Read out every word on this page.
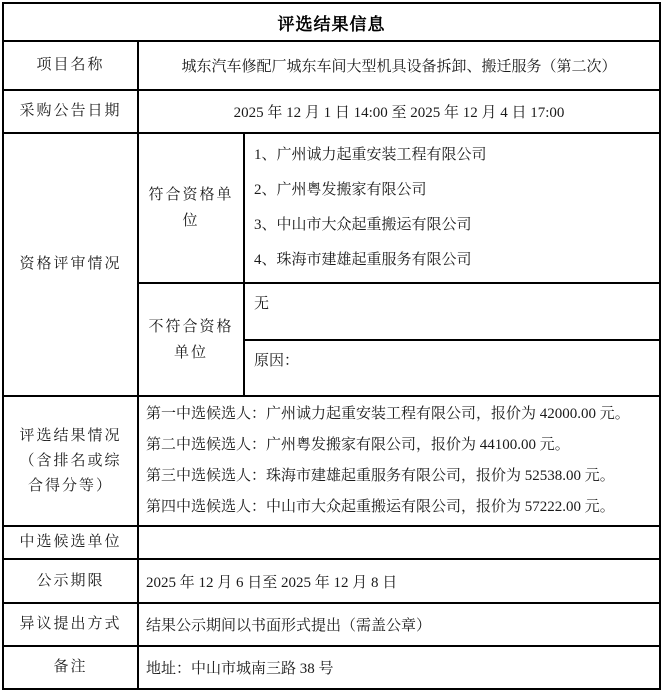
评选结果信息		
项目名称	城东汽车修配厂城东车间大型机具设备拆卸、搬迁服务（第二次）	
采购公告日期	2025 年 12 月 1 日 14:00 至 2025 年 12 月 4 日 17:00	
资格评审情况	符合资格单位	1、广州诚力起重安装工程有限公司
2、广州粤发搬家有限公司
3、中山市大众起重搬运有限公司
4、珠海市建雄起重服务有限公司

	不符合资格单位	无
		原因：
评选结果情况（含排名或综合得分等）	第一中选候选人：广州诚力起重安装工程有限公司，报价为 42000.00 元。
第二中选候选人：广州粤发搬家有限公司，报价为 44100.00 元。
第三中选候选人：珠海市建雄起重服务有限公司，报价为 52538.00 元。
第四中选候选人：中山市大众起重搬运有限公司，报价为 57222.00 元。	

中选候选单位		
公示期限	2025 年 12 月 6 日至 2025 年 12 月 8 日	
异议提出方式	结果公示期间以书面形式提出（需盖公章）	
备注	地址：中山市城南三路 38 号	
